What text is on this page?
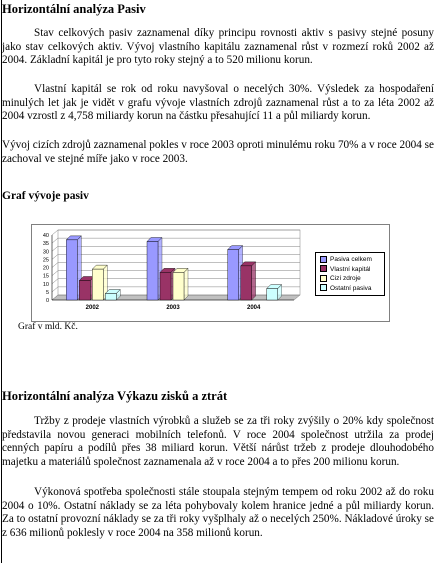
Horizontální analýza Pasiv
Stav celkových pasiv zaznamenal díky principu rovnosti aktiv s pasivy stejné posuny jako stav celkových aktiv. Vývoj vlastního kapitálu zaznamenal růst v rozmezí roků 2002 až 2004. Základní kapitál je pro tyto roky stejný a to 520 milionu korun.
Vlastní kapitál se rok od roku navyšoval o necelých 30%. Výsledek za hospodaření minulých let jak je vidět v grafu vývoje vlastních zdrojů zaznamenal růst a to za léta 2002 až 2004 vzrostl z 4,758 miliardy korun na částku přesahující 11 a půl miliardy korun.
Vývoj cizích zdrojů zaznamenal pokles v roce 2003 oproti minulému roku 70% a v roce 2004 se zachoval ve stejné míře jako v roce 2003.
Graf vývoje pasiv
0
5
10
15
20
25
30
35
40
2002	2003	2004
Pasiva celkem
Vlastní kapitál
Cizí zdroje
Ostatní pasiva
Graf v mld. Kč.
Horizontální analýza Výkazu zisků a ztrát
Tržby z prodeje vlastních výrobků a služeb se za tři roky zvýšily o 20% kdy společnost představila novou generaci mobilních telefonů. V roce 2004 společnost utržila za prodej cenných papíru a podílů přes 38 miliard korun. Větší nárůst tržeb z prodeje dlouhodobého majetku a materiálů společnost zaznamenala až v roce 2004 a to přes 200 milionu korun.
Výkonová spotřeba společnosti stále stoupala stejným tempem od roku 2002 až do roku 2004 o 10%. Ostatní náklady se za léta pohybovaly kolem hranice jedné a půl miliardy korun. Za to ostatní provozní náklady se za tři roky vyšplhaly až o necelých 250%. Nákladové úroky se z 636 milionů poklesly v roce 2004 na 358 milionů korun.
